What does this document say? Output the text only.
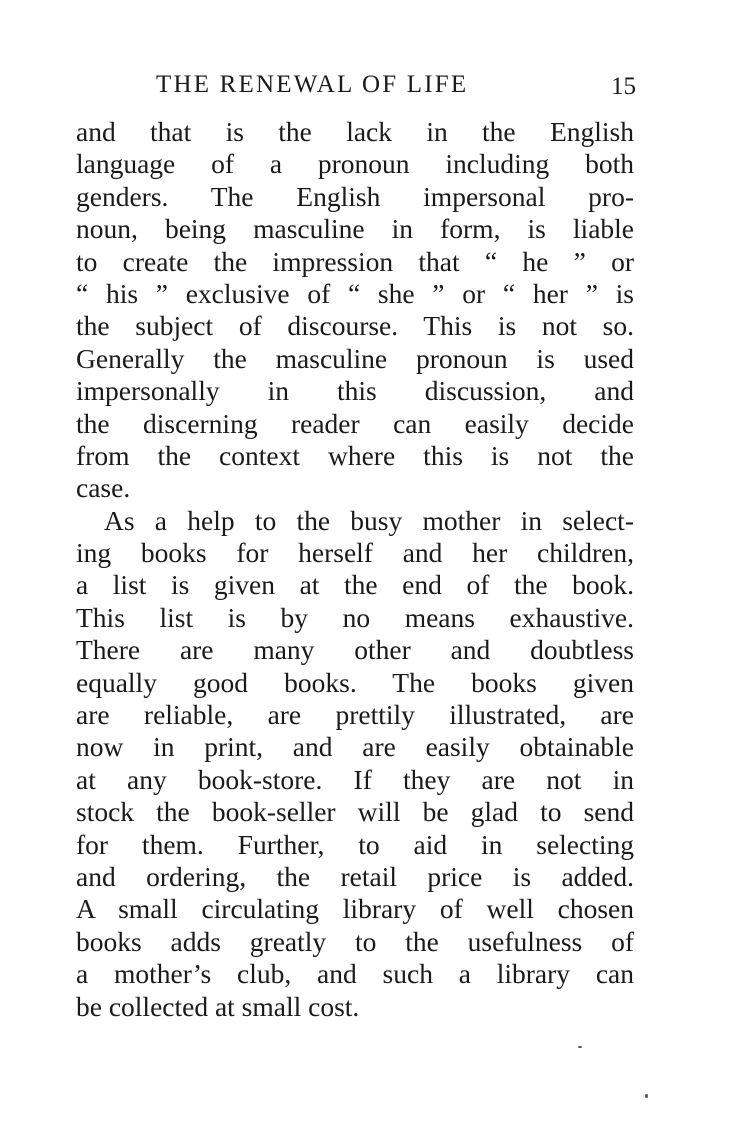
THE RENEWAL OF LIFE	15
and that is the lack in the English
language of a pronoun including both
genders. The English impersonal pro-
noun, being masculine in form, is liable
to create the impression that “ he ” or
“ his ” exclusive of “ she ” or “ her ” is
the subject of discourse. This is not so.
Generally the masculine pronoun is used
impersonally in this discussion, and
the discerning reader can easily decide
from the context where this is not the
case.
As a help to the busy mother in select-
ing books for herself and her children,
a list is given at the end of the book.
This list is by no means exhaustive.
There are many other and doubtless
equally good books. The books given
are reliable, are prettily illustrated, are
now in print, and are easily obtainable
at any book-store. If they are not in
stock the book-seller will be glad to send
for them. Further, to aid in selecting
and ordering, the retail price is added.
A small circulating library of well chosen
books adds greatly to the usefulness of
a mother’s club, and such a library can
be collected at small cost.
